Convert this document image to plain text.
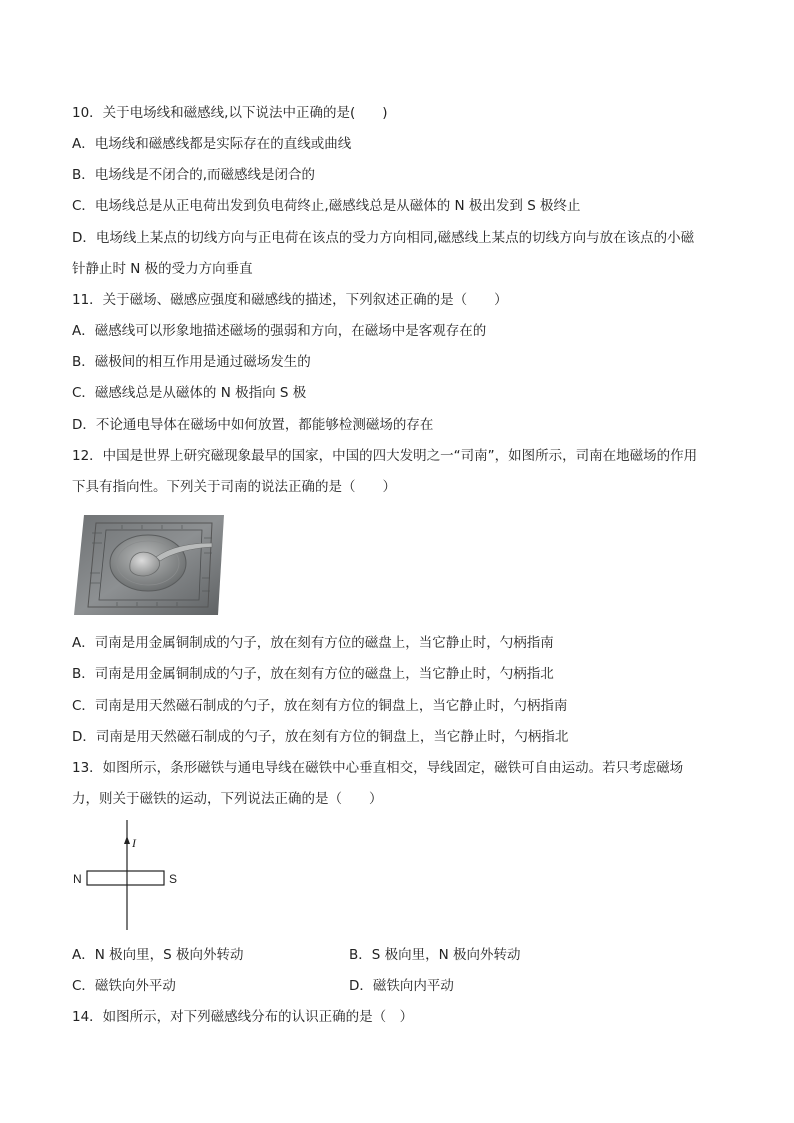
10．关于电场线和磁感线,以下说法中正确的是(　　)
A．电场线和磁感线都是实际存在的直线或曲线
B．电场线是不闭合的,而磁感线是闭合的
C．电场线总是从正电荷出发到负电荷终止,磁感线总是从磁体的 N 极出发到 S 极终止
D．电场线上某点的切线方向与正电荷在该点的受力方向相同,磁感线上某点的切线方向与放在该点的小磁
针静止时 N 极的受力方向垂直
11．关于磁场、磁感应强度和磁感线的描述，下列叙述正确的是（　　）
A．磁感线可以形象地描述磁场的强弱和方向，在磁场中是客观存在的
B．磁极间的相互作用是通过磁场发生的
C．磁感线总是从磁体的 N 极指向 S 极
D．不论通电导体在磁场中如何放置，都能够检测磁场的存在
12．中国是世界上研究磁现象最早的国家，中国的四大发明之一“司南”，如图所示，司南在地磁场的作用
下具有指向性。下列关于司南的说法正确的是（　　）
A．司南是用金属铜制成的勺子，放在刻有方位的磁盘上，当它静止时，勺柄指南
B．司南是用金属铜制成的勺子，放在刻有方位的磁盘上，当它静止时，勺柄指北
C．司南是用天然磁石制成的勺子，放在刻有方位的铜盘上，当它静止时，勺柄指南
D．司南是用天然磁石制成的勺子，放在刻有方位的铜盘上，当它静止时，勺柄指北
13．如图所示，条形磁铁与通电导线在磁铁中心垂直相交，导线固定，磁铁可自由运动。若只考虑磁场
力，则关于磁铁的运动，下列说法正确的是（　　）
I
N	S
A．N 极向里，S 极向外转动	B．S 极向里，N 极向外转动
C．磁铁向外平动	D．磁铁向内平动
14．如图所示，对下列磁感线分布的认识正确的是（　）
